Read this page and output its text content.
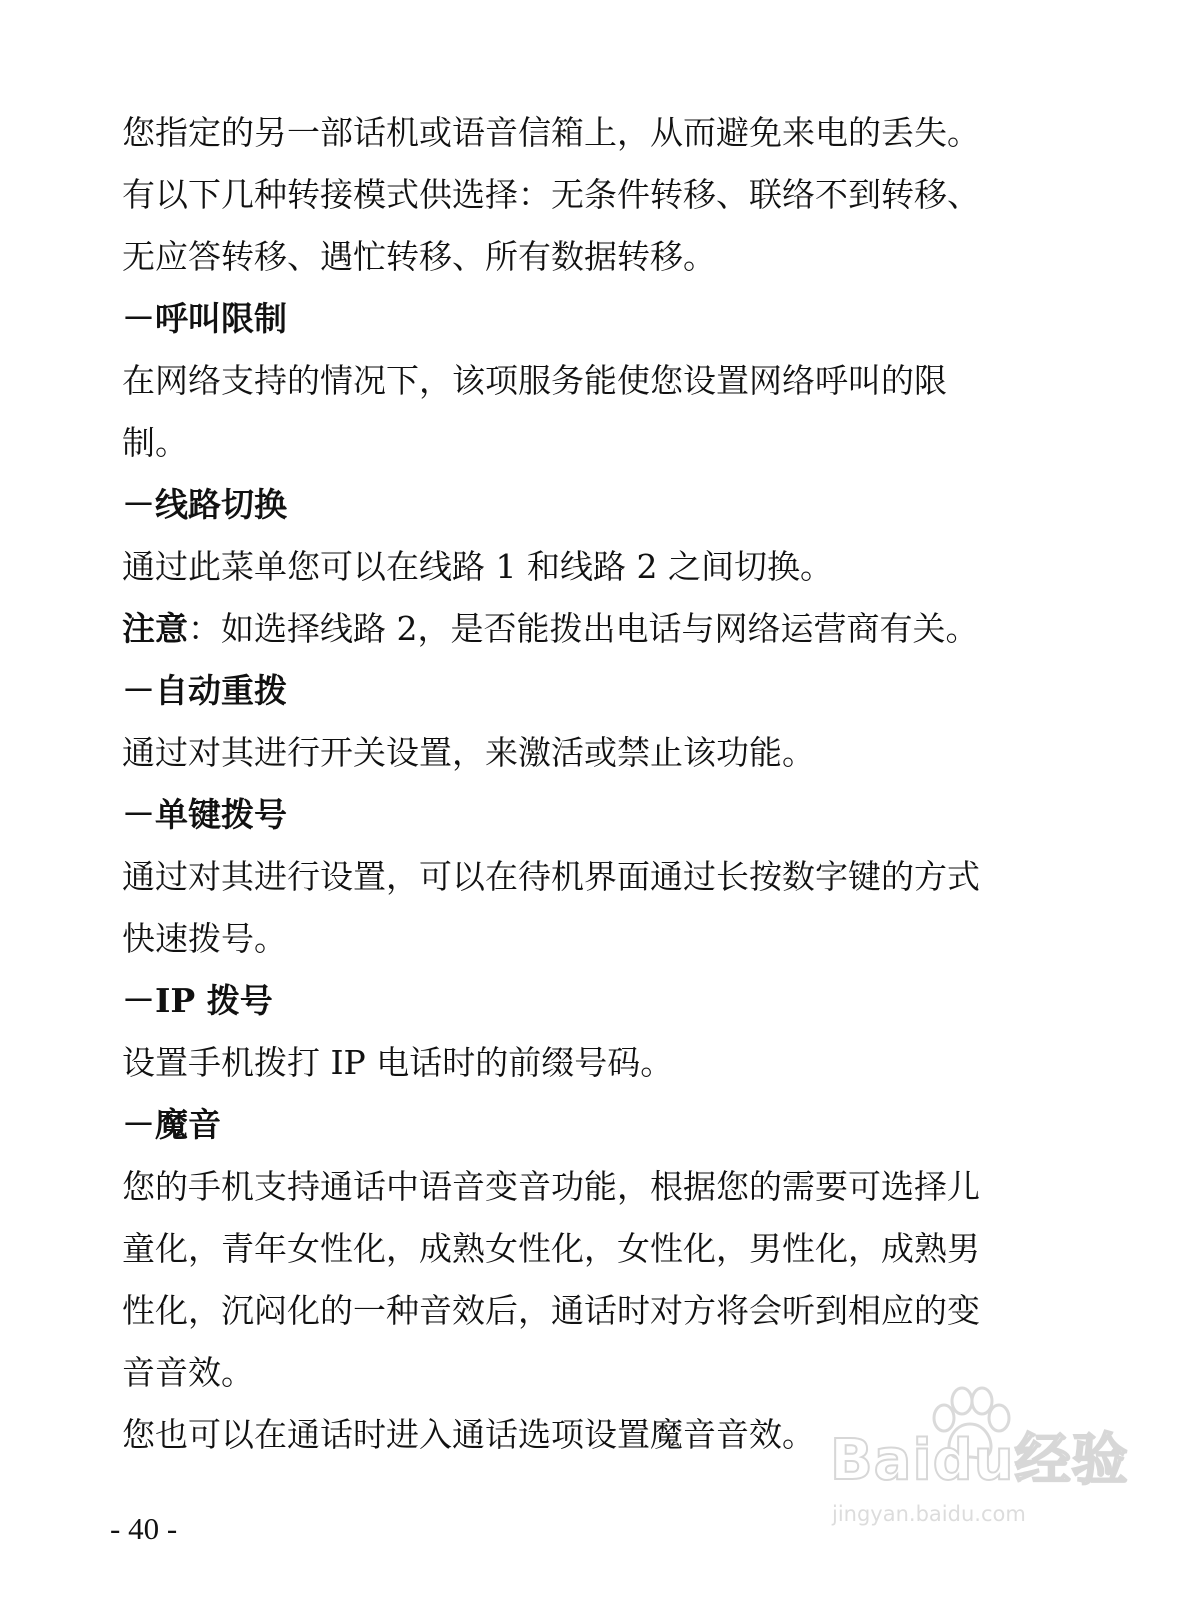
您指定的另一部话机或语音信箱上，从而避免来电的丢失。
有以下几种转接模式供选择：无条件转移、联络不到转移、
无应答转移、遇忙转移、所有数据转移。
－呼叫限制
在网络支持的情况下，该项服务能使您设置网络呼叫的限
制。
－线路切换
通过此菜单您可以在线路 1 和线路 2 之间切换。
注意：如选择线路 2，是否能拨出电话与网络运营商有关。
－自动重拨
通过对其进行开关设置，来激活或禁止该功能。
－单键拨号
通过对其进行设置，可以在待机界面通过长按数字键的方式
快速拨号。
－IP 拨号
设置手机拨打 IP 电话时的前缀号码。
－魔音
您的手机支持通话中语音变音功能，根据您的需要可选择儿
童化，青年女性化，成熟女性化，女性化，男性化，成熟男
性化，沉闷化的一种音效后，通话时对方将会听到相应的变
音音效。
您也可以在通话时进入通话选项设置魔音音效。
- 40 -
Baidu经验
jingyan.baidu.com
